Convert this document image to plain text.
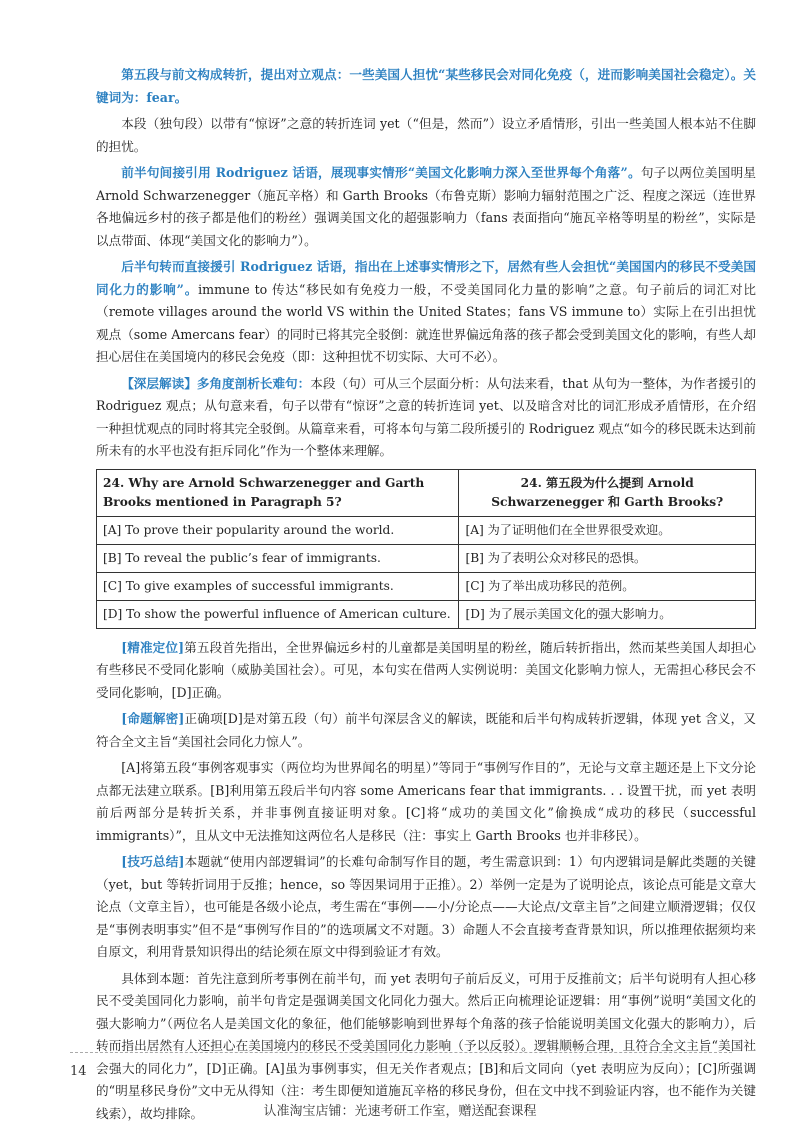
第五段与前文构成转折，提出对立观点：一些美国人担忧“某些移民会对同化免疫（，进而影响美国社会稳定）。关键词为：fear。

本段（独句段）以带有“惊讶”之意的转折连词 yet（“但是，然而”）设立矛盾情形，引出一些美国人根本站不住脚的担忧。

前半句间接引用 Rodriguez 话语，展现事实情形“美国文化影响力深入至世界每个角落”。句子以两位美国明星 Arnold Schwarzenegger（施瓦辛格）和 Garth Brooks（布鲁克斯）影响力辐射范围之广泛、程度之深远（连世界各地偏远乡村的孩子都是他们的粉丝）强调美国文化的超强影响力（fans 表面指向“施瓦辛格等明星的粉丝”，实际是以点带面、体现“美国文化的影响力”）。

后半句转而直接援引 Rodriguez 话语，指出在上述事实情形之下，居然有些人会担忧“美国国内的移民不受美国同化力的影响”。immune to 传达“移民如有免疫力一般，不受美国同化力量的影响”之意。句子前后的词汇对比（remote villages around the world VS within the United States；fans VS immune to）实际上在引出担忧观点（some Amercans fear）的同时已将其完全驳倒：就连世界偏远角落的孩子都会受到美国文化的影响，有些人却担心居住在美国境内的移民会免疫（即：这种担忧不切实际、大可不必）。

【深层解读】多角度剖析长难句：本段（句）可从三个层面分析：从句法来看，that 从句为一整体，为作者援引的 Rodriguez 观点；从句意来看，句子以带有“惊讶”之意的转折连词 yet、以及暗含对比的词汇形成矛盾情形，在介绍一种担忧观点的同时将其完全驳倒。从篇章来看，可将本句与第二段所援引的 Rodriguez 观点“如今的移民既未达到前所未有的水平也没有拒斥同化”作为一个整体来理解。

24. Why are Arnold Schwarzenegger and Garth Brooks mentioned in Paragraph 5?	24. 第五段为什么提到 Arnold Schwarzenegger 和 Garth Brooks?
[A] To prove their popularity around the world.	[A] 为了证明他们在全世界很受欢迎。
[B] To reveal the public’s fear of immigrants.	[B] 为了表明公众对移民的恐惧。
[C] To give examples of successful immigrants.	[C] 为了举出成功移民的范例。
[D] To show the powerful influence of American culture.	[D] 为了展示美国文化的强大影响力。

[精准定位]第五段首先指出，全世界偏远乡村的儿童都是美国明星的粉丝，随后转折指出，然而某些美国人却担心有些移民不受同化影响（威胁美国社会）。可见，本句实在借两人实例说明：美国文化影响力惊人，无需担心移民会不受同化影响，[D]正确。

[命题解密]正确项[D]是对第五段（句）前半句深层含义的解读，既能和后半句构成转折逻辑，体现 yet 含义，又符合全文主旨“美国社会同化力惊人”。

[A]将第五段“事例客观事实（两位均为世界闻名的明星）”等同于“事例写作目的”，无论与文章主题还是上下文分论点都无法建立联系。[B]利用第五段后半句内容 some Americans fear that immigrants. . . 设置干扰，而 yet 表明前后两部分是转折关系，并非事例直接证明对象。[C]将“成功的美国文化”偷换成“成功的移民（successful immigrants）”，且从文中无法推知这两位名人是移民（注：事实上 Garth Brooks 也并非移民）。

[技巧总结]本题就“使用内部逻辑词”的长难句命制写作目的题，考生需意识到：1）句内逻辑词是解此类题的关键（yet，but 等转折词用于反推；hence，so 等因果词用于正推）。2）举例一定是为了说明论点，该论点可能是文章大论点（文章主旨），也可能是各级小论点，考生需在“事例——小/分论点——大论点/文章主旨”之间建立顺滑逻辑；仅仅是“事例表明事实”但不是“事例写作目的”的选项属文不对题。3）命题人不会直接考查背景知识，所以推理依据须均来自原文，利用背景知识得出的结论须在原文中得到验证才有效。

具体到本题：首先注意到所考事例在前半句，而 yet 表明句子前后反义，可用于反推前文；后半句说明有人担心移民不受美国同化力影响，前半句肯定是强调美国文化同化力强大。然后正向梳理论证逻辑：用“事例”说明“美国文化的强大影响力”（两位名人是美国文化的象征，他们能够影响到世界每个角落的孩子恰能说明美国文化强大的影响力），后转而指出居然有人还担心在美国境内的移民不受美国同化力影响（予以反驳）。逻辑顺畅合理，且符合全文主旨“美国社会强大的同化力”，[D]正确。[A]虽为事例事实，但无关作者观点；[B]和后文同向（yet 表明应为反向）；[C]所强调的“明星移民身份”文中无从得知（注：考生即便知道施瓦辛格的移民身份，但在文中找不到验证内容，也不能作为关键线索），故均排除。

14
认准淘宝店铺：光速考研工作室，赠送配套课程
